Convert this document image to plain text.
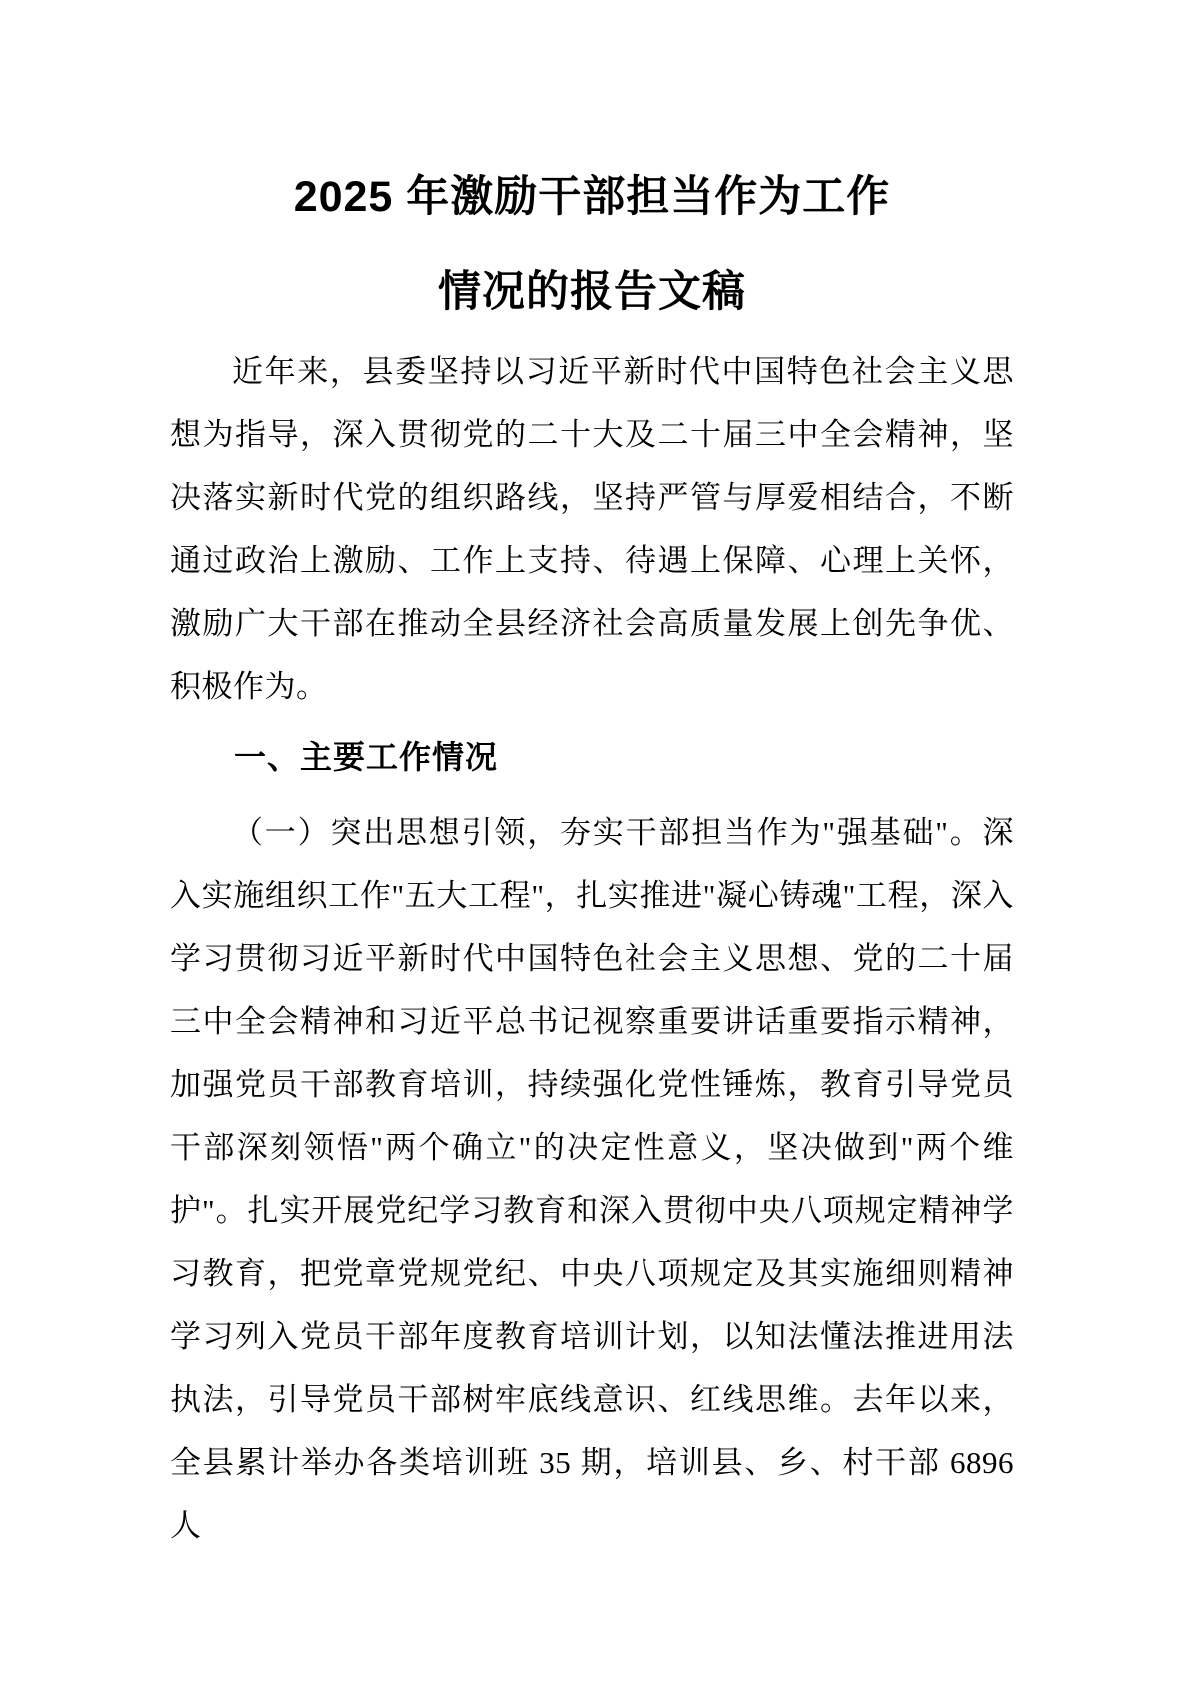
2025 年激励干部担当作为工作
情况的报告文稿

近年来，县委坚持以习近平新时代中国特色社会主义思想为指导，深入贯彻党的二十大及二十届三中全会精神，坚决落实新时代党的组织路线，坚持严管与厚爱相结合，不断通过政治上激励、工作上支持、待遇上保障、心理上关怀，激励广大干部在推动全县经济社会高质量发展上创先争优、积极作为。

一、主要工作情况

（一）突出思想引领，夯实干部担当作为"强基础"。深入实施组织工作"五大工程"，扎实推进"凝心铸魂"工程，深入学习贯彻习近平新时代中国特色社会主义思想、党的二十届三中全会精神和习近平总书记视察重要讲话重要指示精神，加强党员干部教育培训，持续强化党性锤炼，教育引导党员干部深刻领悟"两个确立"的决定性意义，坚决做到"两个维护"。扎实开展党纪学习教育和深入贯彻中央八项规定精神学习教育，把党章党规党纪、中央八项规定及其实施细则精神学习列入党员干部年度教育培训计划，以知法懂法推进用法执法，引导党员干部树牢底线意识、红线思维。去年以来，全县累计举办各类培训班 35 期，培训县、乡、村干部 6896 人
